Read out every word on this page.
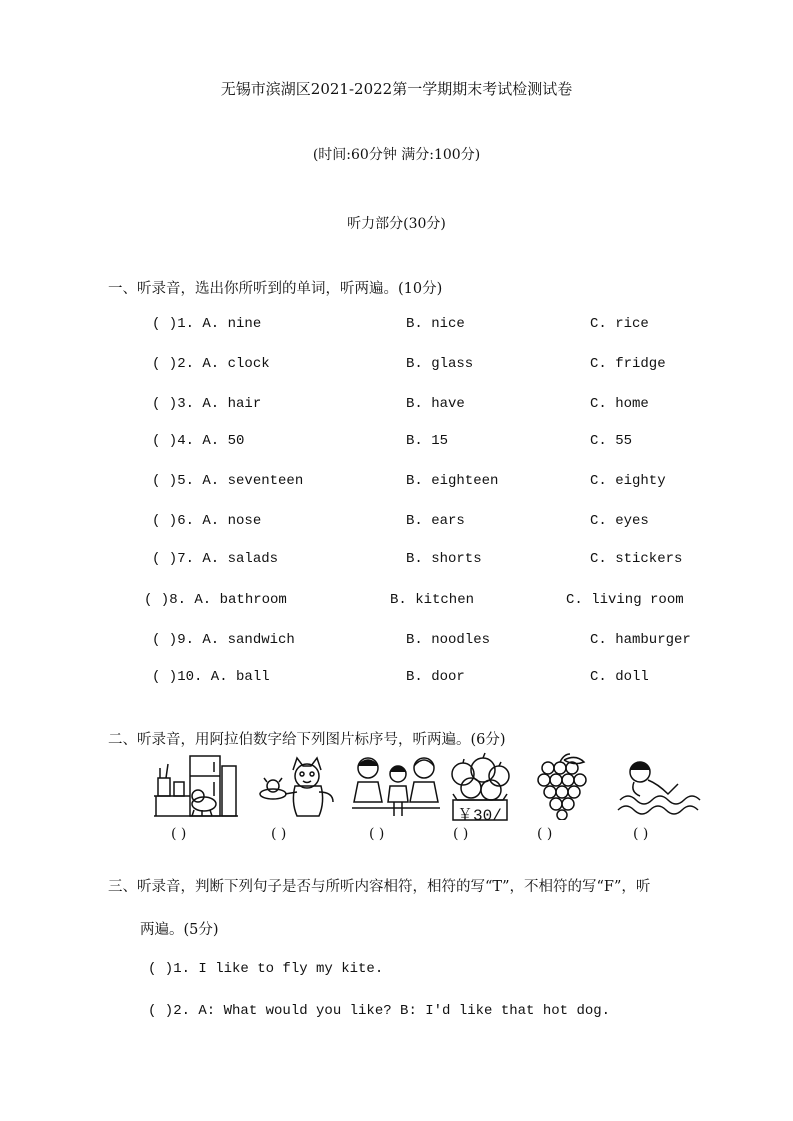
无锡市滨湖区2021-2022第一学期期末考试检测试卷
(时间:60分钟 满分:100分)
听力部分(30分)
一、听录音，选出你所听到的单词，听两遍。(10分)
( )1. A. nine	B. nice	C. rice
( )2. A. clock	B. glass	C. fridge
( )3. A. hair	B. have	C. home
( )4. A. 50	B. 15	C. 55
( )5. A. seventeen	B. eighteen	C. eighty
( )6. A. nose	B. ears	C. eyes
( )7. A. salads	B. shorts	C. stickers
( )8. A. bathroom	B. kitchen	C. living room
( )9. A. sandwich	B. noodles	C. hamburger
( )10. A. ball	B. door	C. doll
二、听录音，用阿拉伯数字给下列图片标序号，听两遍。(6分)
￥30/
( )	( )	( )	( )	( )	( )
三、听录音，判断下列句子是否与所听内容相符，相符的写“T”，不相符的写“F”，听
两遍。(5分)
( )1. I like to fly my kite.
( )2. A: What would you like? B: I'd like that hot dog.
